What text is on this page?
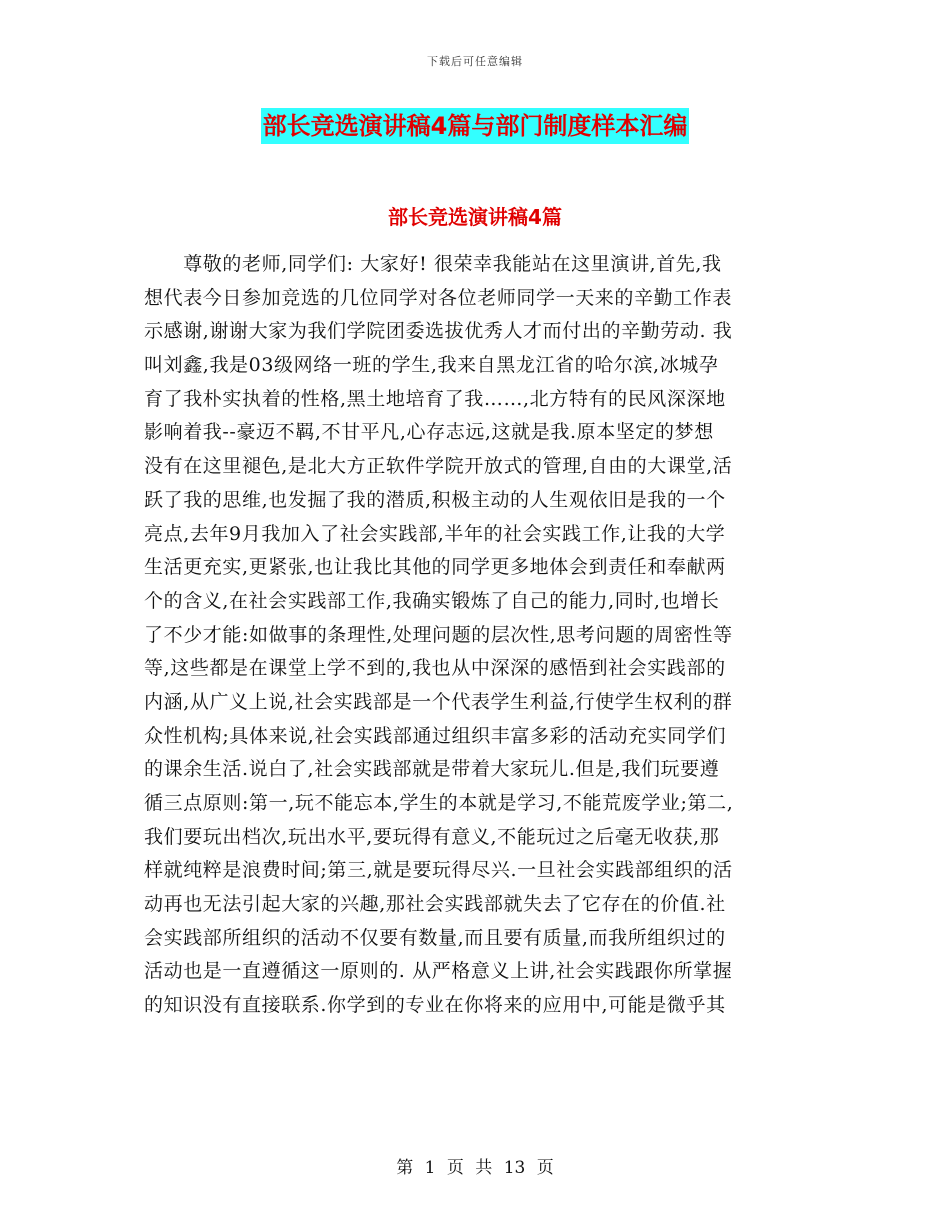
下载后可任意编辑
部长竞选演讲稿4篇与部门制度样本汇编
部长竞选演讲稿4篇
　　尊敬的老师,同学们: 大家好! 很荣幸我能站在这里演讲,首先,我
想代表今日参加竞选的几位同学对各位老师同学一天来的辛勤工作表
示感谢,谢谢大家为我们学院团委选拔优秀人才而付出的辛勤劳动. 我
叫刘鑫,我是03级网络一班的学生,我来自黑龙江省的哈尔滨,冰城孕
育了我朴实执着的性格,黑土地培育了我……,北方特有的民风深深地
影响着我--豪迈不羁,不甘平凡,心存志远,这就是我.原本坚定的梦想
没有在这里褪色,是北大方正软件学院开放式的管理,自由的大课堂,活
跃了我的思维,也发掘了我的潜质,积极主动的人生观依旧是我的一个
亮点,去年9月我加入了社会实践部,半年的社会实践工作,让我的大学
生活更充实,更紧张,也让我比其他的同学更多地体会到责任和奉献两
个的含义,在社会实践部工作,我确实锻炼了自己的能力,同时,也增长
了不少才能:如做事的条理性,处理问题的层次性,思考问题的周密性等
等,这些都是在课堂上学不到的,我也从中深深的感悟到社会实践部的
内涵,从广义上说,社会实践部是一个代表学生利益,行使学生权利的群
众性机构;具体来说,社会实践部通过组织丰富多彩的活动充实同学们
的课余生活.说白了,社会实践部就是带着大家玩儿.但是,我们玩要遵
循三点原则:第一,玩不能忘本,学生的本就是学习,不能荒废学业;第二,
我们要玩出档次,玩出水平,要玩得有意义,不能玩过之后毫无收获,那
样就纯粹是浪费时间;第三,就是要玩得尽兴.一旦社会实践部组织的活
动再也无法引起大家的兴趣,那社会实践部就失去了它存在的价值.社
会实践部所组织的活动不仅要有数量,而且要有质量,而我所组织过的
活动也是一直遵循这一原则的. 从严格意义上讲,社会实践跟你所掌握
的知识没有直接联系.你学到的专业在你将来的应用中,可能是微乎其
第 1 页 共 13 页
